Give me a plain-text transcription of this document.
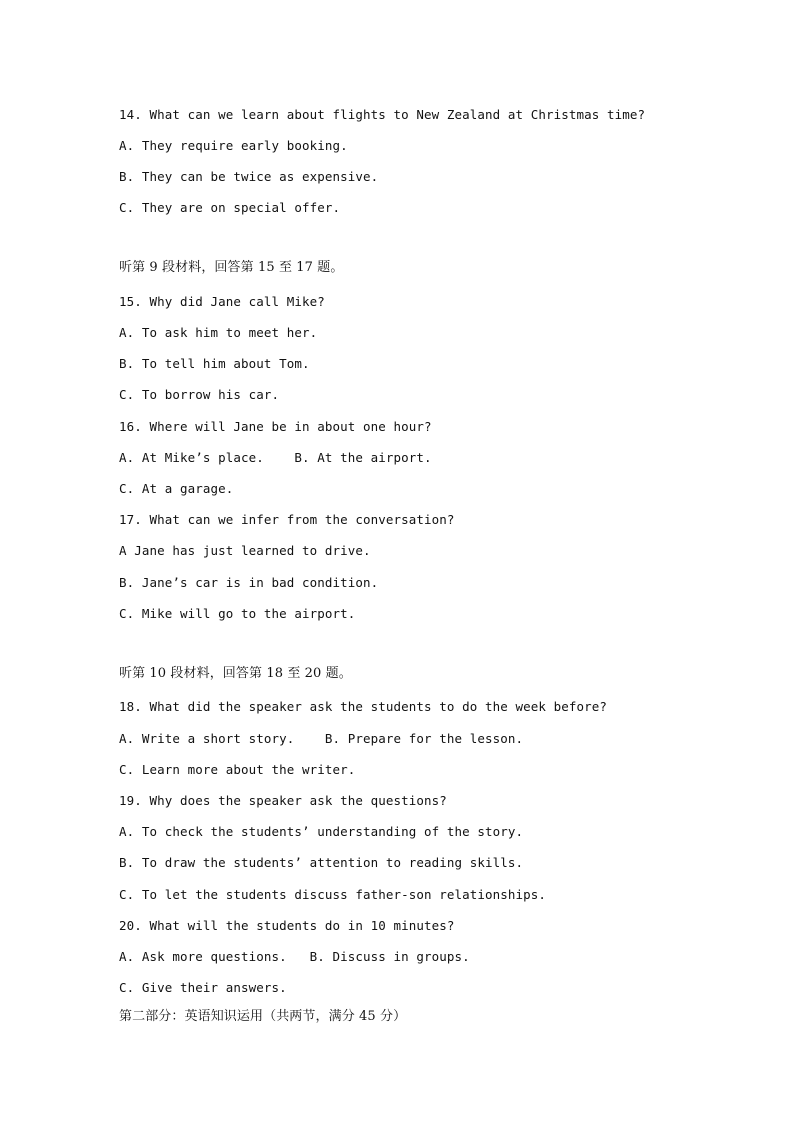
14. What can we learn about flights to New Zealand at Christmas time?
A. They require early booking.
B. They can be twice as expensive.
C. They are on special offer.
听第 9 段材料，回答第 15 至 17 题。
15. Why did Jane call Mike?
A. To ask him to meet her.
B. To tell him about Tom.
C. To borrow his car.
16. Where will Jane be in about one hour?
A. At Mike’s place.    B. At the airport.
C. At a garage.
17. What can we infer from the conversation?
A Jane has just learned to drive.
B. Jane’s car is in bad condition.
C. Mike will go to the airport.
听第 10 段材料，回答第 18 至 20 题。
18. What did the speaker ask the students to do the week before?
A. Write a short story.    B. Prepare for the lesson.
C. Learn more about the writer.
19. Why does the speaker ask the questions?
A. To check the students’ understanding of the story.
B. To draw the students’ attention to reading skills.
C. To let the students discuss father-son relationships.
20. What will the students do in 10 minutes?
A. Ask more questions.   B. Discuss in groups.
C. Give their answers.
第二部分：英语知识运用（共两节，满分 45 分）
